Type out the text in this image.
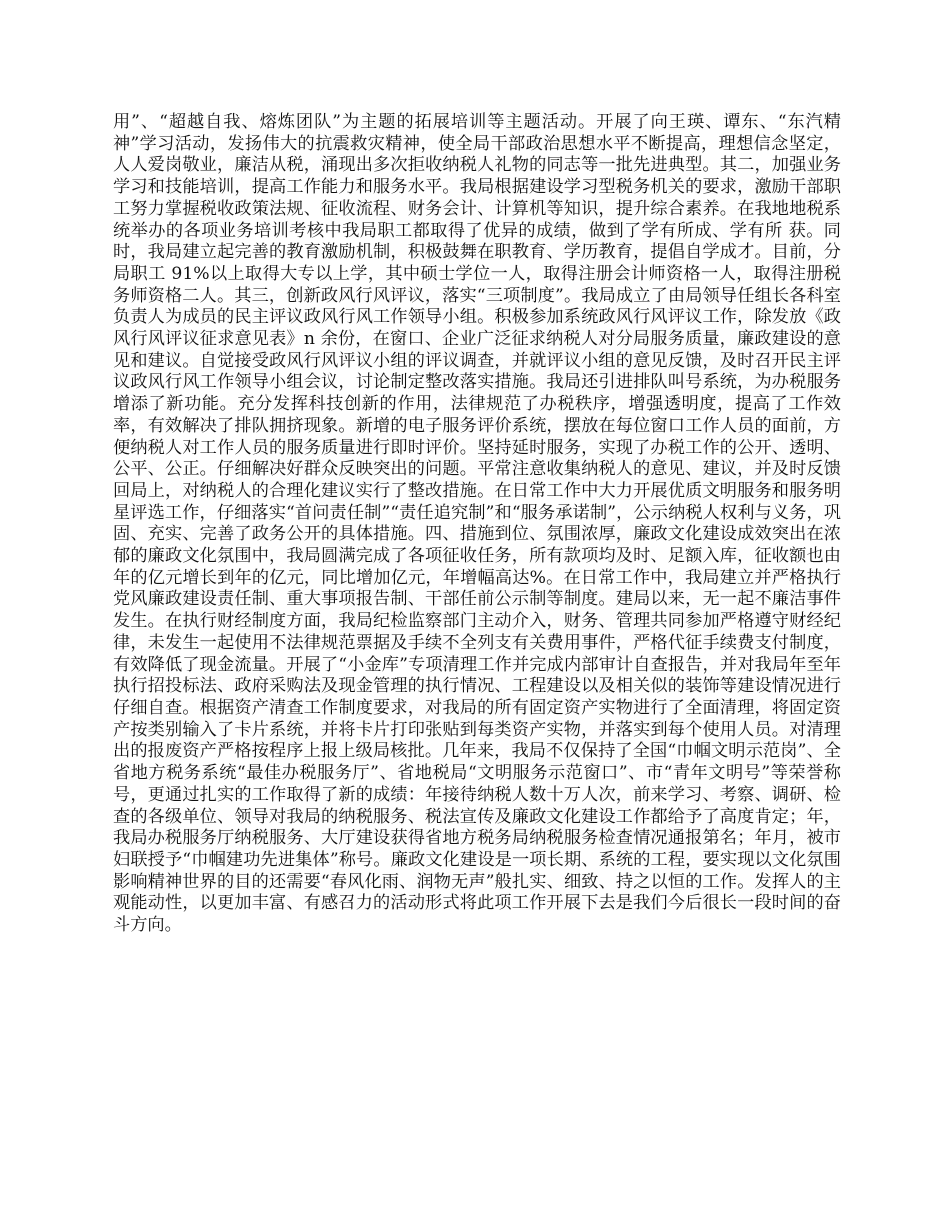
用”、“超越自我、熔炼团队”为主题的拓展培训等主题活动。开展了向王瑛、谭东、“东汽精神”学习活动，发扬伟大的抗震救灾精神，使全局干部政治思想水平不断提高，理想信念坚定，人人爱岗敬业，廉洁从税，涌现出多次拒收纳税人礼物的同志等一批先进典型。其二，加强业务学习和技能培训，提高工作能力和服务水平。我局根据建设学习型税务机关的要求，激励干部职工努力掌握税收政策法规、征收流程、财务会计、计算机等知识，提升综合素养。在我地地税系统举办的各项业务培训考核中我局职工都取得了优异的成绩，做到了学有所成、学有所 获。同时，我局建立起完善的教育激励机制，积极鼓舞在职教育、学历教育，提倡自学成才。目前，分局职工 91%以上取得大专以上学，其中硕士学位一人，取得注册会计师资格一人，取得注册税务师资格二人。其三，创新政风行风评议，落实“三项制度”。我局成立了由局领导任组长各科室负责人为成员的民主评议政风行风工作领导小组。积极参加系统政风行风评议工作，除发放《政风行风评议征求意见表》n 余份，在窗口、企业广泛征求纳税人对分局服务质量，廉政建设的意见和建议。自觉接受政风行风评议小组的评议调查，并就评议小组的意见反馈，及时召开民主评议政风行风工作领导小组会议，讨论制定整改落实措施。我局还引进排队叫号系统，为办税服务增添了新功能。充分发挥科技创新的作用，法律规范了办税秩序，增强透明度，提高了工作效率，有效解决了排队拥挤现象。新增的电子服务评价系统，摆放在每位窗口工作人员的面前，方便纳税人对工作人员的服务质量进行即时评价。坚持延时服务，实现了办税工作的公开、透明、公平、公正。仔细解决好群众反映突出的问题。平常注意收集纳税人的意见、建议，并及时反馈回局上，对纳税人的合理化建议实行了整改措施。在日常工作中大力开展优质文明服务和服务明星评选工作，仔细落实“首问责任制”“责任追究制”和“服务承诺制”，公示纳税人权利与义务，巩固、充实、完善了政务公开的具体措施。四、措施到位、氛围浓厚，廉政文化建设成效突出在浓郁的廉政文化氛围中，我局圆满完成了各项征收任务，所有款项均及时、足额入库，征收额也由年的亿元增长到年的亿元，同比增加亿元，年增幅高达%。在日常工作中，我局建立并严格执行党风廉政建设责任制、重大事项报告制、干部任前公示制等制度。建局以来，无一起不廉洁事件发生。在执行财经制度方面，我局纪检监察部门主动介入，财务、管理共同参加严格遵守财经纪律，未发生一起使用不法律规范票据及手续不全列支有关费用事件，严格代征手续费支付制度，有效降低了现金流量。开展了“小金库”专项清理工作并完成内部审计自查报告，并对我局年至年执行招投标法、政府采购法及现金管理的执行情况、工程建设以及相关似的装饰等建设情况进行仔细自查。根据资产清查工作制度要求，对我局的所有固定资产实物进行了全面清理，将固定资产按类别输入了卡片系统，并将卡片打印张贴到每类资产实物，并落实到每个使用人员。对清理出的报废资产严格按程序上报上级局核批。几年来，我局不仅保持了全国“巾帼文明示范岗”、全省地方税务系统“最佳办税服务厅”、省地税局“文明服务示范窗口”、市“青年文明号”等荣誉称号，更通过扎实的工作取得了新的成绩：年接待纳税人数十万人次，前来学习、考察、调研、检查的各级单位、领导对我局的纳税服务、税法宣传及廉政文化建设工作都给予了高度肯定；年，我局办税服务厅纳税服务、大厅建设获得省地方税务局纳税服务检查情况通报第名；年月，被市妇联授予“巾帼建功先进集体”称号。廉政文化建设是一项长期、系统的工程，要实现以文化氛围影响精神世界的目的还需要“春风化雨、润物无声”般扎实、细致、持之以恒的工作。发挥人的主观能动性，以更加丰富、有感召力的活动形式将此项工作开展下去是我们今后很长一段时间的奋斗方向。
